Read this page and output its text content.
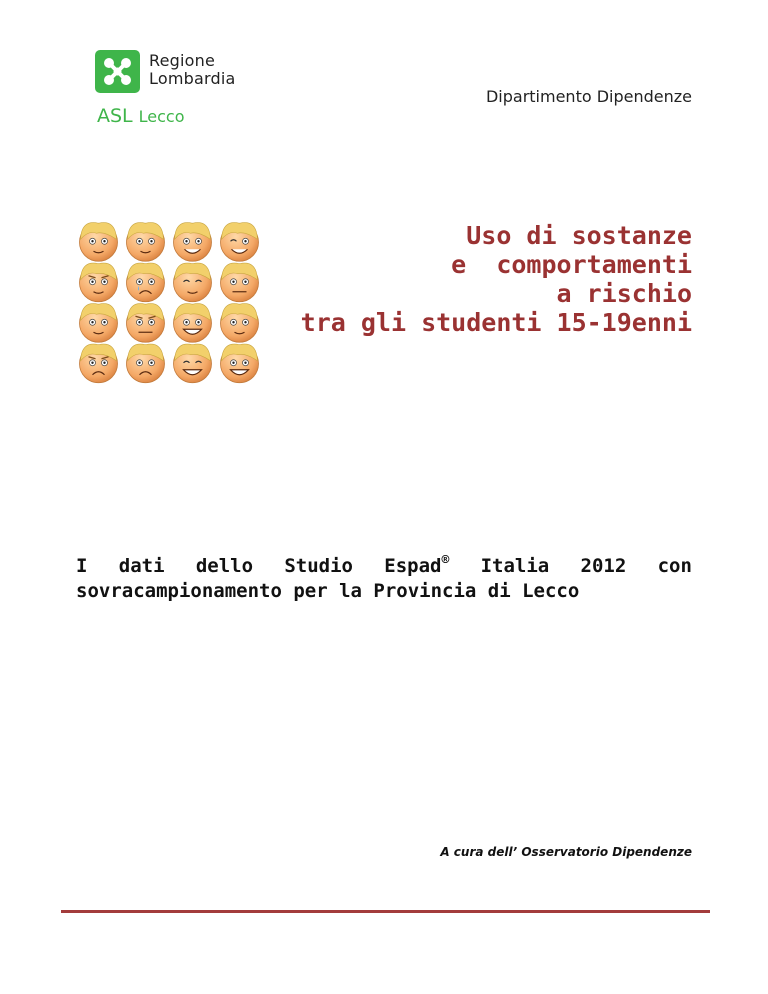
Regione
Lombardia
ASL Lecco
Dipartimento Dipendenze
Uso di sostanze
e  comportamenti
a rischio
tra gli studenti 15-19enni
I dati dello Studio Espad® Italia 2012 con
sovracampionamento per la Provincia di Lecco
A cura dell’ Osservatorio Dipendenze
